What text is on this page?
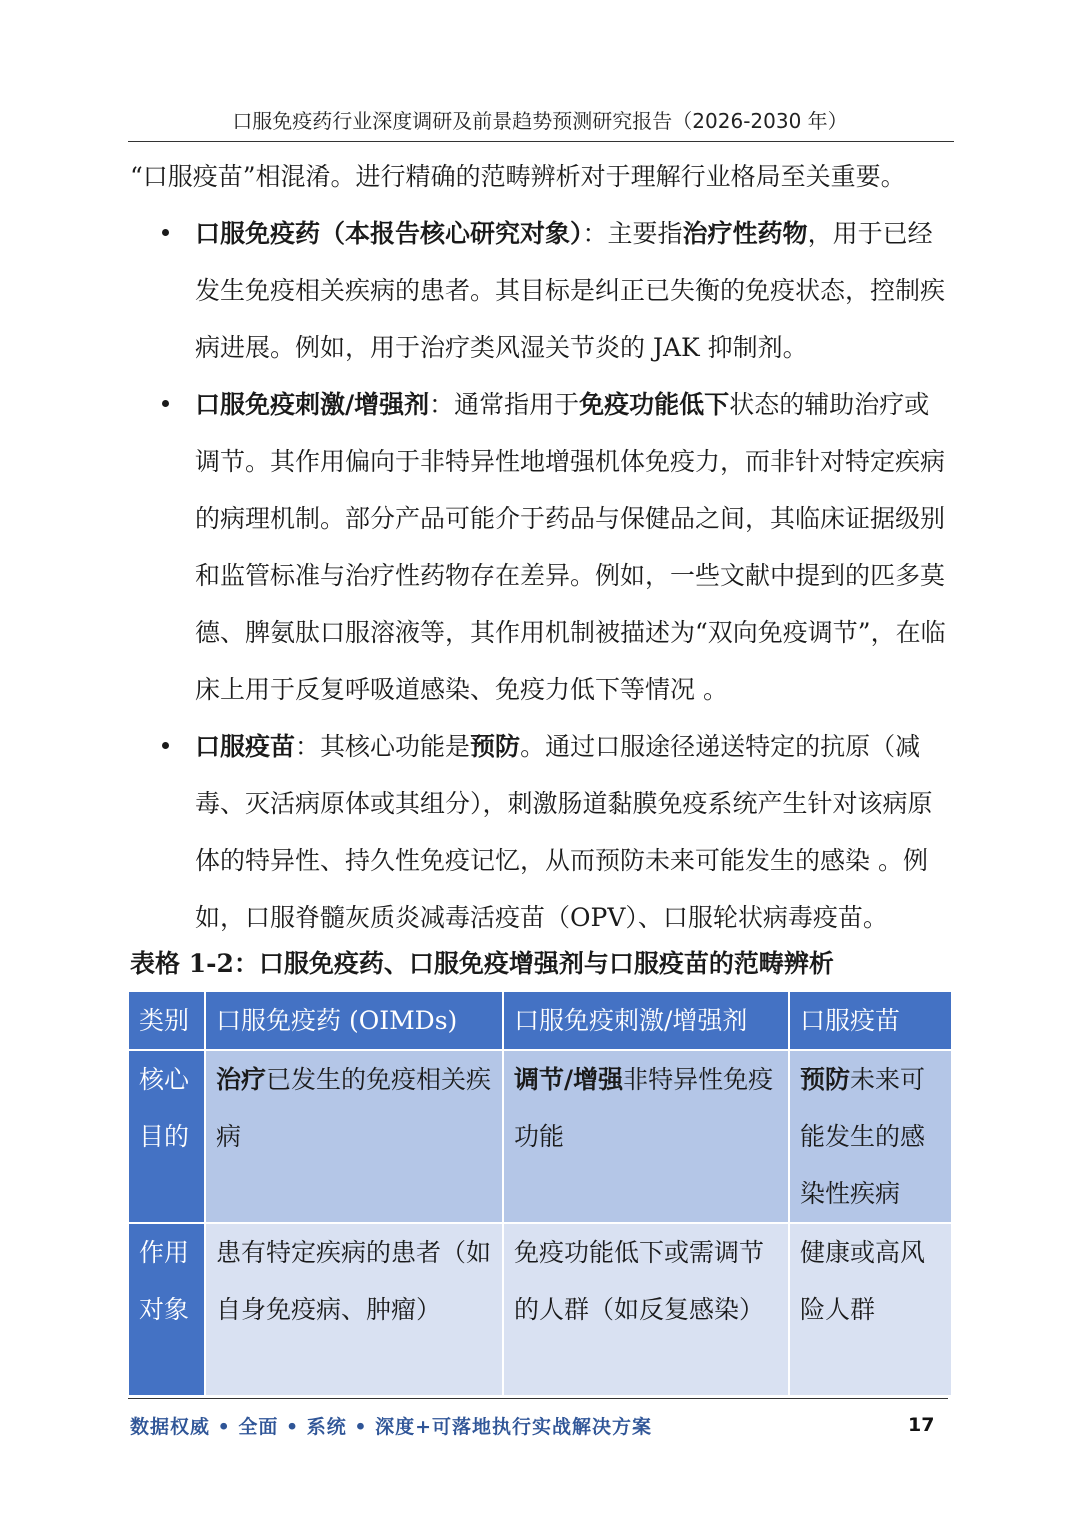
口服免疫药行业深度调研及前景趋势预测研究报告（2026-2030 年）

“口服疫苗”相混淆。进行精确的范畴辨析对于理解行业格局至关重要。

口服免疫药（本报告核心研究对象）：主要指治疗性药物，用于已经发生免疫相关疾病的患者。其目标是纠正已失衡的免疫状态，控制疾病进展。例如，用于治疗类风湿关节炎的 JAK 抑制剂。

口服免疫刺激/增强剂：通常指用于免疫功能低下状态的辅助治疗或调节。其作用偏向于非特异性地增强机体免疫力，而非针对特定疾病的病理机制。部分产品可能介于药品与保健品之间，其临床证据级别和监管标准与治疗性药物存在差异。例如，一些文献中提到的匹多莫德、脾氨肽口服溶液等，其作用机制被描述为“双向免疫调节”，在临床上用于反复呼吸道感染、免疫力低下等情况 。

口服疫苗：其核心功能是预防。通过口服途径递送特定的抗原（减毒、灭活病原体或其组分），刺激肠道黏膜免疫系统产生针对该病原体的特异性、持久性免疫记忆，从而预防未来可能发生的感染 。例如，口服脊髓灰质炎减毒活疫苗（OPV）、口服轮状病毒疫苗。

表格 1-2：口服免疫药、口服免疫增强剂与口服疫苗的范畴辨析
类别	口服免疫药 (OIMDs)	口服免疫刺激/增强剂	口服疫苗
核心目的	治疗已发生的免疫相关疾病	调节/增强非特异性免疫功能	预防未来可能发生的感染性疾病
作用对象	患有特定疾病的患者（如自身免疫病、肿瘤）	免疫功能低下或需调节的人群（如反复感染）	健康或高风险人群
数据权威 • 全面 • 系统 • 深度+可落地执行实战解决方案	17
